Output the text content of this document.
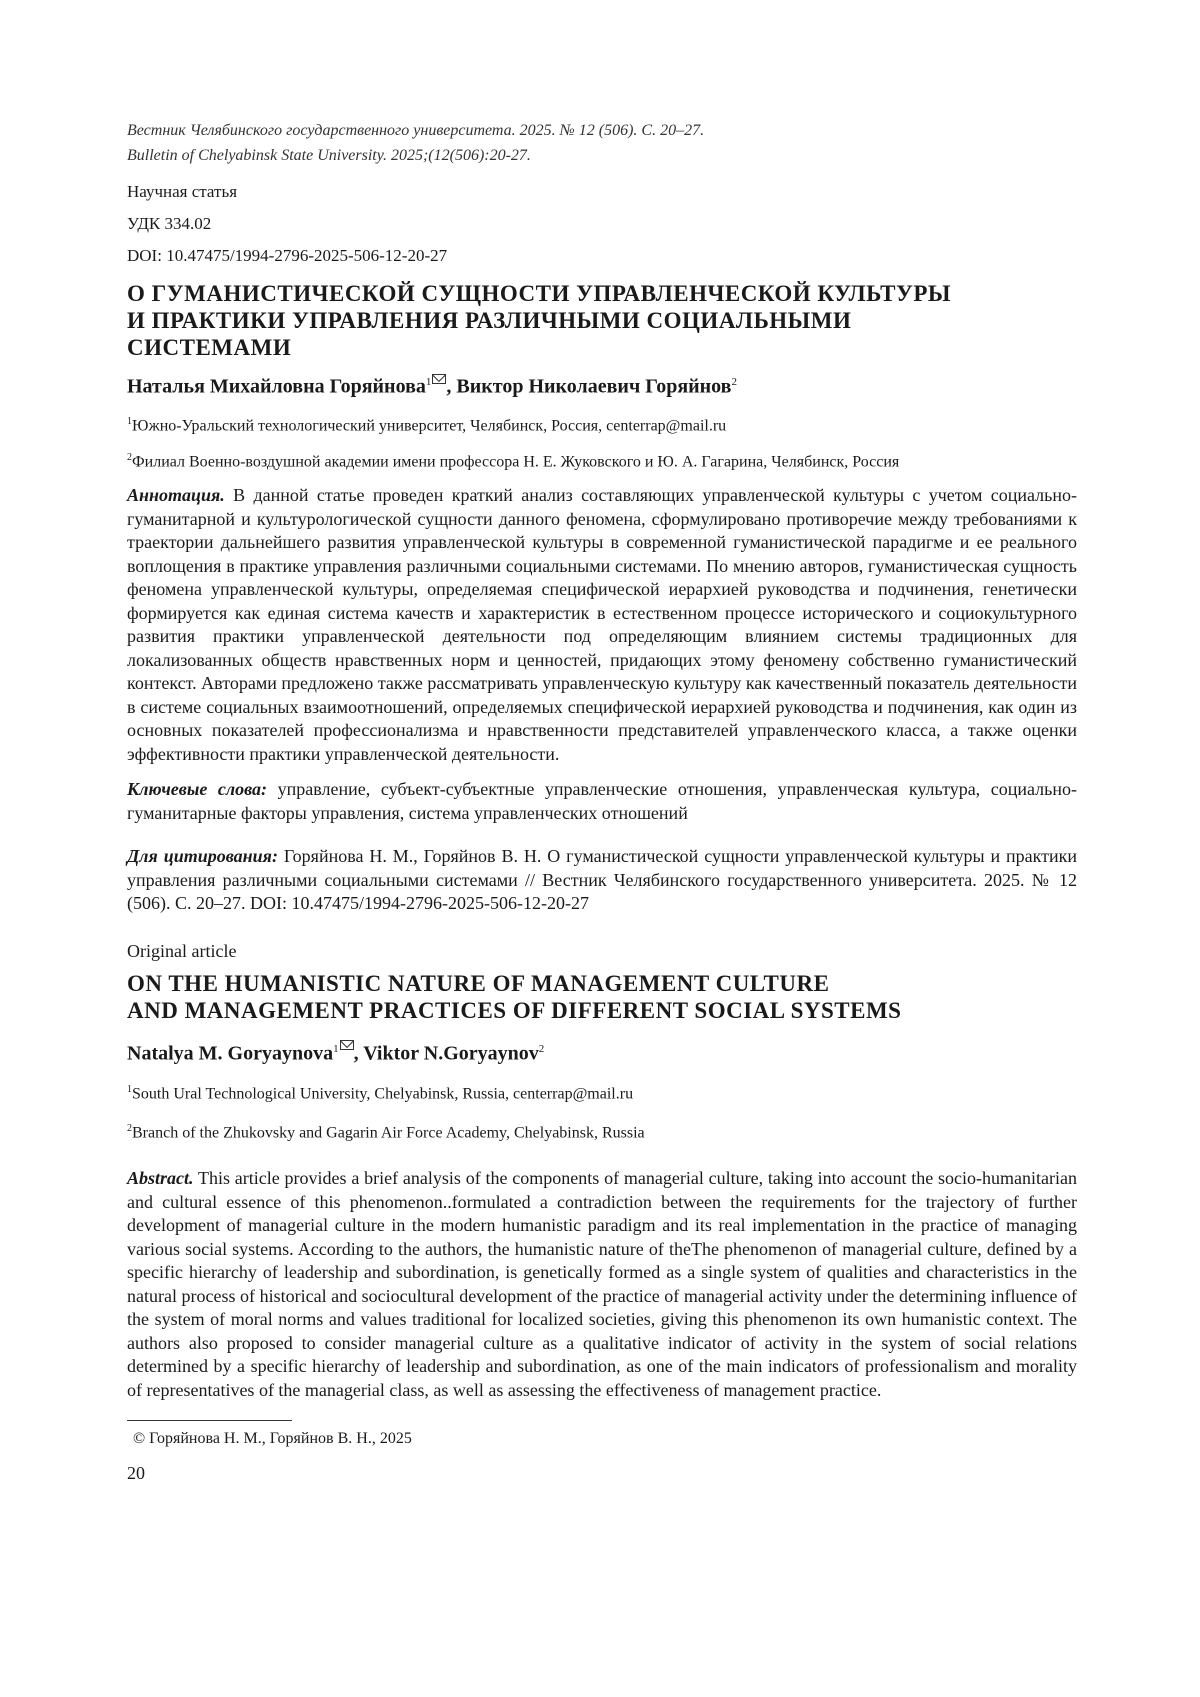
Вестник Челябинского государственного университета. 2025. № 12 (506). С. 20–27.
Bulletin of Chelyabinsk State University. 2025;(12(506):20-27.
Научная статья
УДК 334.02
DOI: 10.47475/1994-2796-2025-506-12-20-27
О ГУМАНИСТИЧЕСКОЙ СУЩНОСТИ УПРАВЛЕНЧЕСКОЙ КУЛЬТУРЫ
И ПРАКТИКИ УПРАВЛЕНИЯ РАЗЛИЧНЫМИ СОЦИАЛЬНЫМИ
СИСТЕМАМИ
Наталья Михайловна Горяйнова$^1$ , Виктор Николаевич Горяйнов$^2$
$^1$Южно-Уральский технологический университет, Челябинск, Россия, centerrap@mail.ru
$^2$Филиал Военно-воздушной академии имени профессора Н. Е. Жуковского и Ю. А. Гагарина, Челябинск, Россия
Аннотация. В данной статье проведен краткий анализ составляющих управленческой культуры с учетом социально-гуманитарной и культурологической сущности данного феномена, сформулировано противоречие между требованиями к траектории дальнейшего развития управленческой культуры в современной гуманистической парадигме и ее реального воплощения в практике управления различными социальными системами. По мнению авторов, гуманистическая сущность феномена управленческой культуры, определяемая специфической иерархией руководства и подчинения, генетически формируется как единая система качеств и характеристик в естественном процессе исторического и социокультурного развития практики управленческой деятельности под определяющим влиянием системы традиционных для локализованных обществ нравственных норм и ценностей, придающих этому феномену собственно гуманистический контекст. Авторами предложено также рассматривать управленческую культуру как качественный показатель деятельности в системе социальных взаимоотношений, определяемых специфической иерархией руководства и подчинения, как один из основных показателей профессионализма и нравственности представителей управленческого класса, а также оценки эффективности практики управленческой деятельности.
Ключевые слова: управление, субъект-субъектные управленческие отношения, управленческая культура, социально-гуманитарные факторы управления, система управленческих отношений
Для цитирования: Горяйнова Н. М., Горяйнов В. Н. О гуманистической сущности управленческой культуры и практики управления различными социальными системами // Вестник Челябинского государственного университета. 2025. № 12 (506). С. 20–27. DOI: 10.47475/1994-2796-2025-506-12-20-27
Original article
ON THE HUMANISTIC NATURE OF MANAGEMENT CULTURE
AND MANAGEMENT PRACTICES OF DIFFERENT SOCIAL SYSTEMS
Natalya M. Goryaynova$^1$ , Viktor N.Goryaynov$^2$
$^1$South Ural Technological University, Chelyabinsk, Russia, centerrap@mail.ru
$^2$Branch of the Zhukovsky and Gagarin Air Force Academy, Chelyabinsk, Russia
Abstract. This article provides a brief analysis of the components of managerial culture, taking into account the socio-humanitarian and cultural essence of this phenomenon..formulated a contradiction between the requirements for the trajectory of further development of managerial culture in the modern humanistic paradigm and its real implementation in the practice of managing various social systems. According to the authors, the humanistic nature of theThe phenomenon of managerial culture, defined by a specific hierarchy of leadership and subordination, is genetically formed as a single system of qualities and characteristics in the natural process of historical and sociocultural development of the practice of managerial activity under the determining influence of the system of moral norms and values traditional for localized societies, giving this phenomenon its own humanistic context. The authors also proposed to consider managerial culture as a qualitative indicator of activity in the system of social relations determined by a specific hierarchy of leadership and subordination, as one of the main indicators of professionalism and morality of representatives of the managerial class, as well as assessing the effectiveness of management practice.
© Горяйнова Н. М., Горяйнов В. Н., 2025
20
